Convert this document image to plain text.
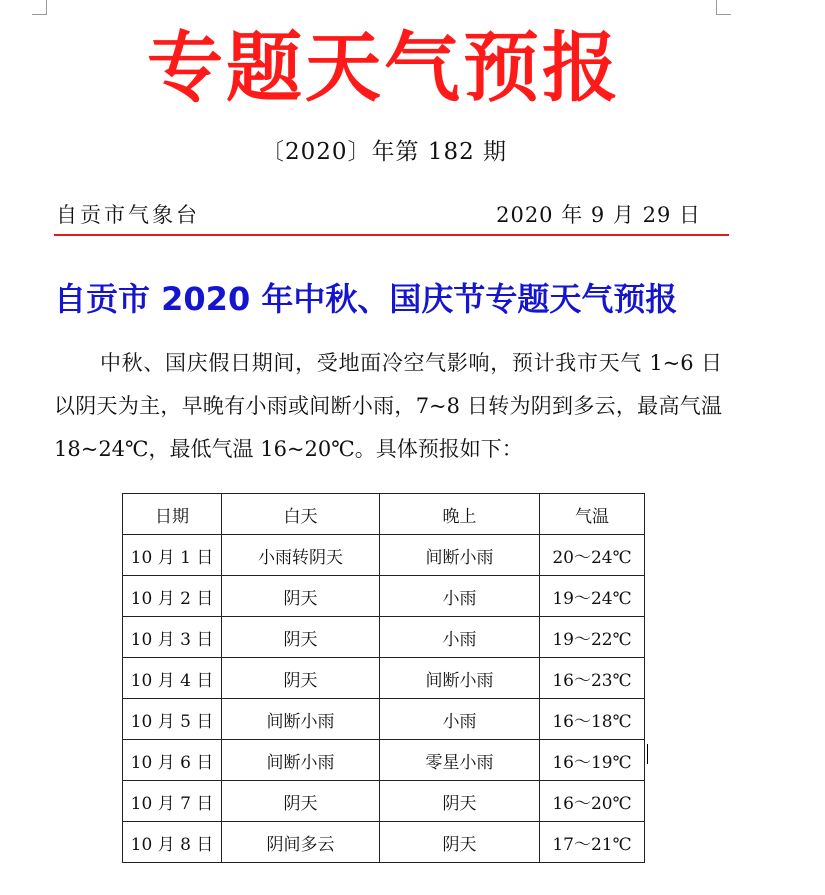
专题天气预报
〔2020〕年第 182 期
自贡市气象台	2020 年 9 月 29 日
自贡市 2020 年中秋、国庆节专题天气预报
中秋、国庆假日期间，受地面冷空气影响，预计我市天气 1~6 日以阴天为主，早晚有小雨或间断小雨，7~8 日转为阴到多云，最高气温 18~24℃，最低气温 16~20℃。具体预报如下：
日期	白天	晚上	气温
10 月 1 日	小雨转阴天	间断小雨	20～24℃
10 月 2 日	阴天	小雨	19～24℃
10 月 3 日	阴天	小雨	19～22℃
10 月 4 日	阴天	间断小雨	16～23℃
10 月 5 日	间断小雨	小雨	16～18℃
10 月 6 日	间断小雨	零星小雨	16～19℃
10 月 7 日	阴天	阴天	16～20℃
10 月 8 日	阴间多云	阴天	17～21℃
